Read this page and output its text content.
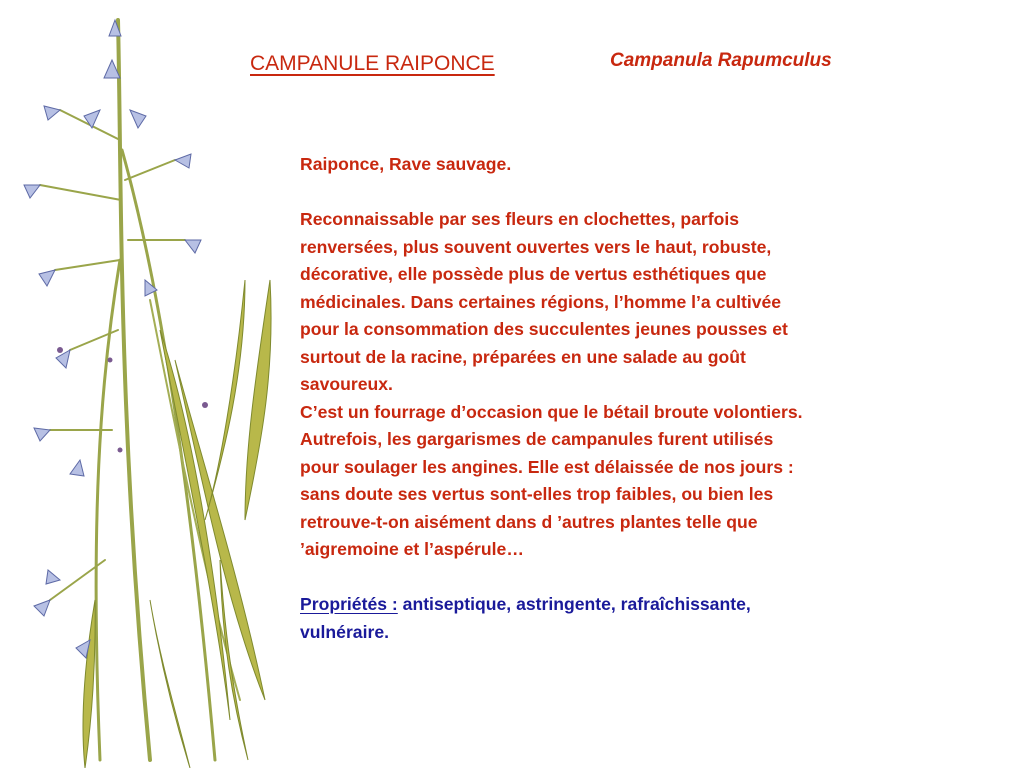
CAMPANULE RAIPONCE	Campanula Rapumculus

Raiponce, Rave sauvage.

Reconnaissable par ses fleurs en clochettes, parfois

renversées, plus souvent ouvertes vers le haut, robuste,

décorative, elle possède plus de vertus esthétiques que

médicinales. Dans certaines régions, l’homme l’a cultivée

pour la consommation des succulentes jeunes pousses et

surtout de la racine, préparées en une salade au goût

savoureux.

C’est un fourrage d’occasion que le bétail broute volontiers.

Autrefois, les gargarismes de campanules furent utilisés

pour soulager les angines. Elle est délaissée de nos jours :

sans doute ses vertus sont-elles trop faibles, ou bien les

retrouve-t-on aisément dans d ’autres plantes telle que

’aigremoine et l’aspérule…

Propriétés : antiseptique, astringente, rafraîchissante,

vulnéraire.
